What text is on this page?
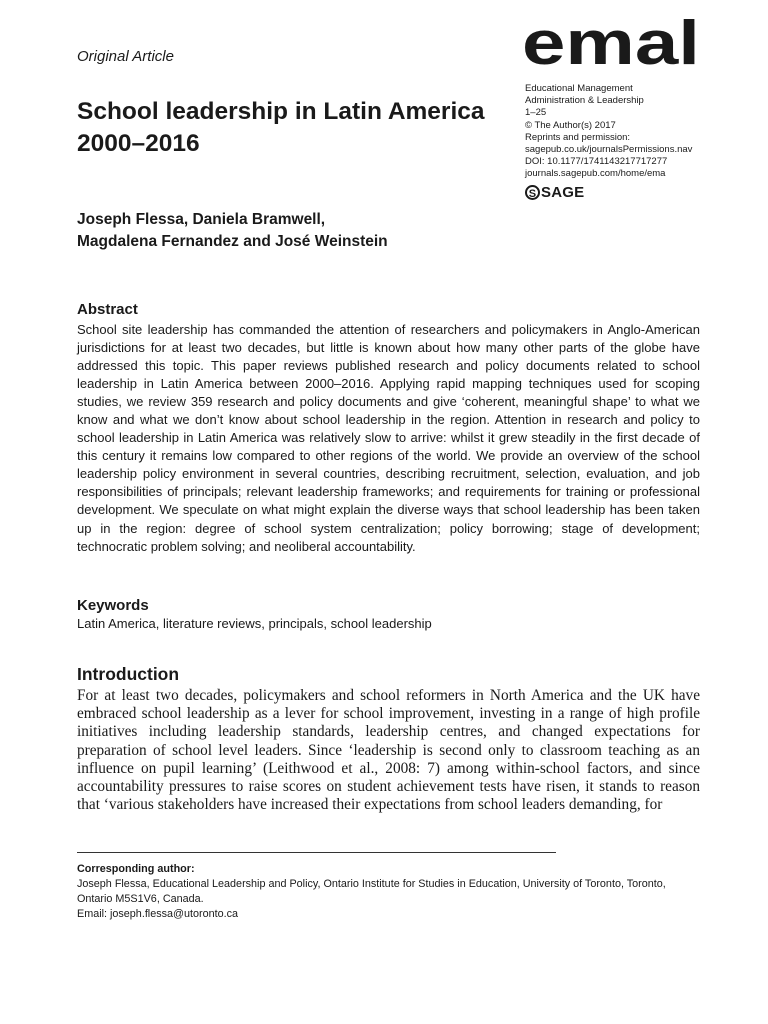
Original Article	emal
Educational Management
Administration & Leadership
1–25
© The Author(s) 2017
Reprints and permission:
sagepub.co.uk/journalsPermissions.nav
DOI: 10.1177/1741143217717277
journals.sagepub.com/home/ema
S SAGE
School leadership in Latin America 2000–2016
Joseph Flessa, Daniela Bramwell,
Magdalena Fernandez and José Weinstein
Abstract
School site leadership has commanded the attention of researchers and policymakers in Anglo-American jurisdictions for at least two decades, but little is known about how many other parts of the globe have addressed this topic. This paper reviews published research and policy documents related to school leadership in Latin America between 2000–2016. Applying rapid mapping techniques used for scoping studies, we review 359 research and policy documents and give ‘coherent, meaningful shape’ to what we know and what we don’t know about school leadership in the region. Attention in research and policy to school leadership in Latin America was relatively slow to arrive: whilst it grew steadily in the first decade of this century it remains low compared to other regions of the world. We provide an overview of the school leadership policy environment in several countries, describing recruitment, selection, evaluation, and job responsibilities of principals; relevant leadership frameworks; and requirements for training or professional development. We speculate on what might explain the diverse ways that school leadership has been taken up in the region: degree of school system centralization; policy borrowing; stage of development; technocratic problem solving; and neoliberal accountability.
Keywords
Latin America, literature reviews, principals, school leadership
Introduction
For at least two decades, policymakers and school reformers in North America and the UK have embraced school leadership as a lever for school improvement, investing in a range of high profile initiatives including leadership standards, leadership centres, and changed expectations for preparation of school level leaders. Since ‘leadership is second only to classroom teaching as an influence on pupil learning’ (Leithwood et al., 2008: 7) among within-school factors, and since accountability pressures to raise scores on student achievement tests have risen, it stands to reason that ‘various stakeholders have increased their expectations from school leaders demanding, for
Corresponding author:
Joseph Flessa, Educational Leadership and Policy, Ontario Institute for Studies in Education, University of Toronto, Toronto, Ontario M5S1V6, Canada.
Email: joseph.flessa@utoronto.ca
